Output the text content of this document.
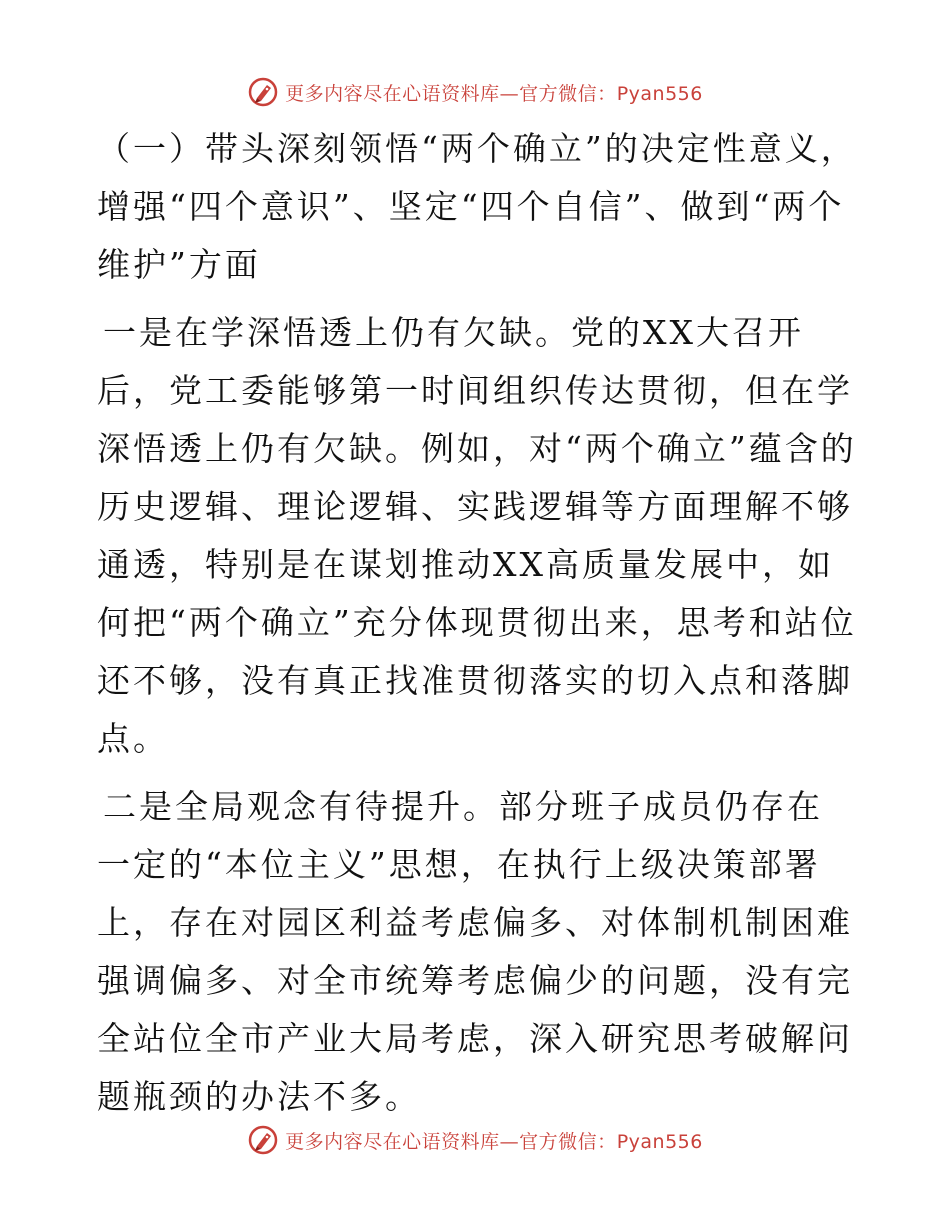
更多内容尽在心语资料库—官方微信：Pyan556
（一）带头深刻领悟“两个确立”的决定性意义，增强“四个意识”、坚定“四个自信”、做到“两个维护”方面

一是在学深悟透上仍有欠缺。党的XX大召开后，党工委能够第一时间组织传达贯彻，但在学深悟透上仍有欠缺。例如，对“两个确立”蕴含的历史逻辑、理论逻辑、实践逻辑等方面理解不够通透，特别是在谋划推动XX高质量发展中，如何把“两个确立”充分体现贯彻出来，思考和站位还不够，没有真正找准贯彻落实的切入点和落脚点。

二是全局观念有待提升。部分班子成员仍存在一定的“本位主义”思想，在执行上级决策部署上，存在对园区利益考虑偏多、对体制机制困难强调偏多、对全市统筹考虑偏少的问题，没有完全站位全市产业大局考虑，深入研究思考破解问题瓶颈的办法不多。

更多内容尽在心语资料库—官方微信：Pyan556
